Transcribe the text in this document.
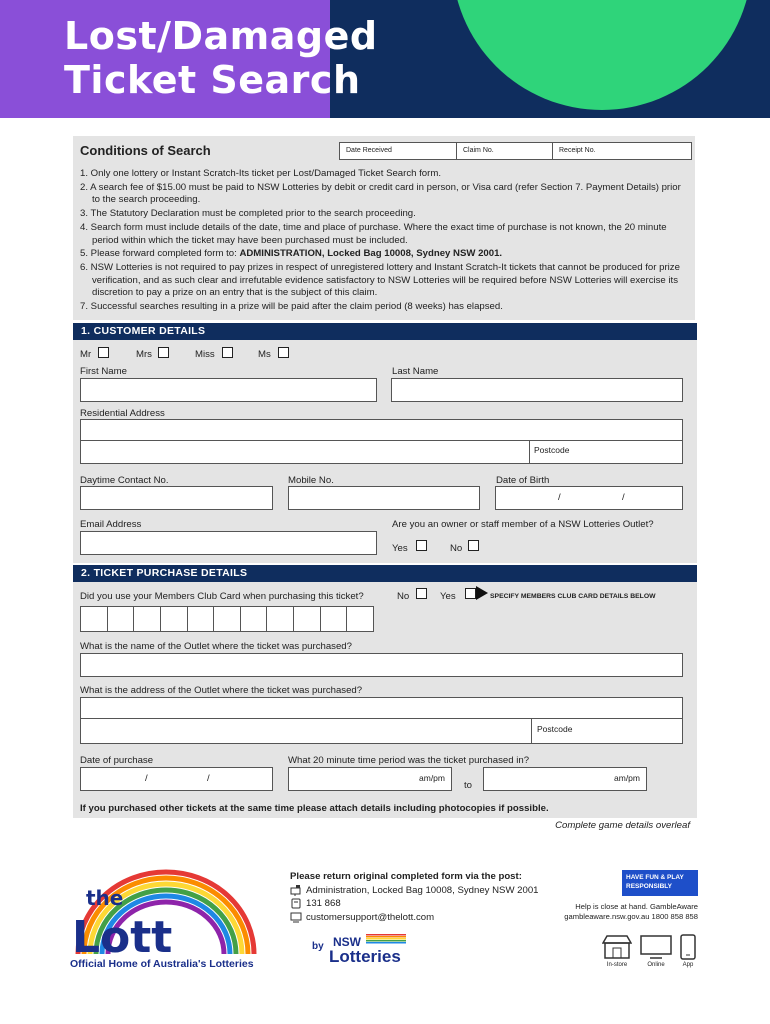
Lost/Damaged
Ticket Search
Conditions of Search	Date Received	Claim No.	Receipt No.
1. Only one lottery or Instant Scratch-Its ticket per Lost/Damaged Ticket Search form.
2. A search fee of $15.00 must be paid to NSW Lotteries by debit or credit card in person, or Visa card (refer Section 7. Payment Details) prior to the search proceeding.
3. The Statutory Declaration must be completed prior to the search proceeding.
4. Search form must include details of the date, time and place of purchase. Where the exact time of purchase is not known, the 20 minute period within which the ticket may have been purchased must be included.
5. Please forward completed form to: ADMINISTRATION, Locked Bag 10008, Sydney NSW 2001.
6. NSW Lotteries is not required to pay prizes in respect of unregistered lottery and Instant Scratch-It tickets that cannot be produced for prize verification, and as such clear and irrefutable evidence satisfactory to NSW Lotteries will be required before NSW Lotteries will exercise its discretion to pay a prize on an entry that is the subject of this claim.
7. Successful searches resulting in a prize will be paid after the claim period (8 weeks) has elapsed.
1. CUSTOMER DETAILS
Mr	Mrs	Miss	Ms
First Name	Last Name
Residential Address
Postcode
Daytime Contact No.	Mobile No.	Date of Birth
/	/
Email Address	Are you an owner or staff member of a NSW Lotteries Outlet?
Yes	No
2. TICKET PURCHASE DETAILS
Did you use your Members Club Card when purchasing this ticket?	No	Yes	SPECIFY MEMBERS CLUB CARD DETAILS BELOW
What is the name of the Outlet where the ticket was purchased?
What is the address of the Outlet where the ticket was purchased?
Postcode
Date of purchase
/	/
What 20 minute time period was the ticket purchased in?
am/pm
to
am/pm
If you purchased other tickets at the same time please attach details including photocopies if possible.
Complete game details overleaf
the
Lott
Official Home of Australia's Lotteries
Please return original completed form via the post:
Administration, Locked Bag 10008, Sydney NSW 2001
131 868
customersupport@thelott.com
by NSW
Lotteries
HAVE FUN & PLAY
RESPONSIBLY
Help is close at hand. GambleAware
gambleaware.nsw.gov.au 1800 858 858
In-store	Online	App
